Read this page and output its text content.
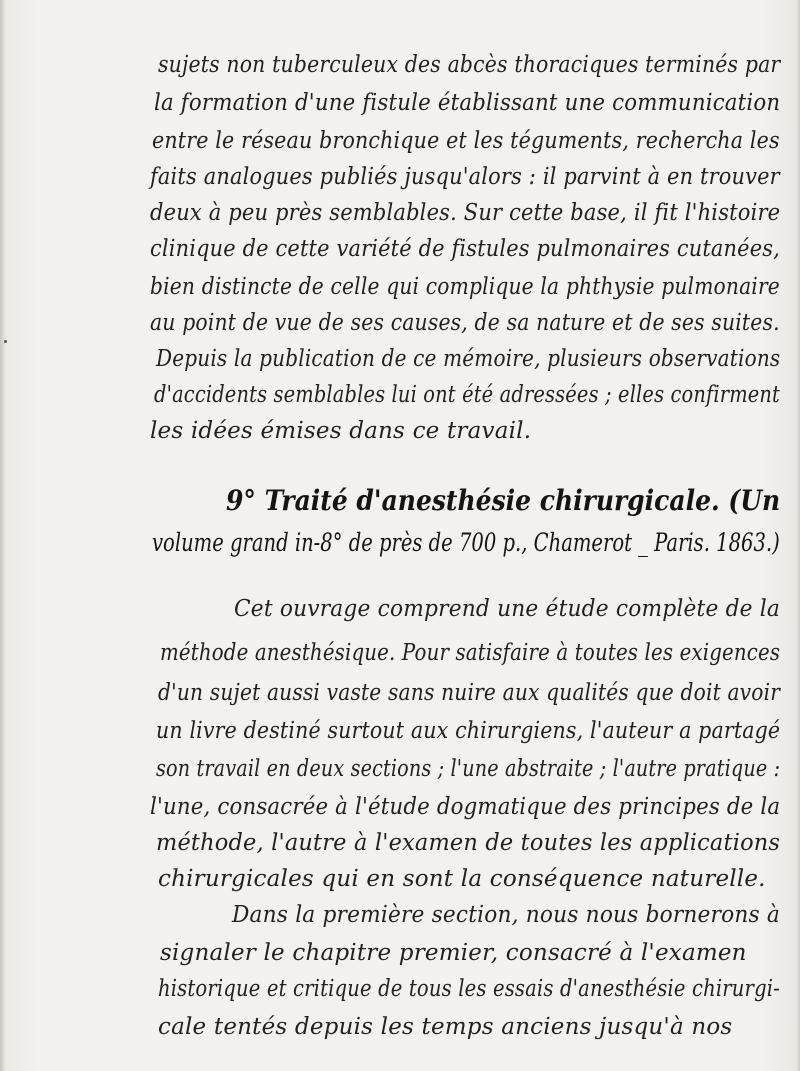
sujets non tuberculeux des abcès thoraciques terminés par
la formation d'une fistule établissant une communication
entre le réseau bronchique et les téguments, rechercha les
faits analogues publiés jusqu'alors : il parvint à en trouver
deux à peu près semblables. Sur cette base, il fit l'histoire
clinique de cette variété de fistules pulmonaires cutanées,
bien distincte de celle qui complique la phthysie pulmonaire
au point de vue de ses causes, de sa nature et de ses suites.
Depuis la publication de ce mémoire, plusieurs observations
d'accidents semblables lui ont été adressées ; elles confirment
les idées émises dans ce travail.
9° Traité d'anesthésie chirurgicale. (Un
volume grand in-8° de près de 700 p., Chamerot _ Paris. 1863.)
Cet ouvrage comprend une étude complète de la
méthode anesthésique. Pour satisfaire à toutes les exigences
d'un sujet aussi vaste sans nuire aux qualités que doit avoir
un livre destiné surtout aux chirurgiens, l'auteur a partagé
son travail en deux sections ; l'une abstraite ; l'autre pratique :
l'une, consacrée à l'étude dogmatique des principes de la
méthode, l'autre à l'examen de toutes les applications
chirurgicales qui en sont la conséquence naturelle.
Dans la première section, nous nous bornerons à
signaler le chapitre premier, consacré à l'examen
historique et critique de tous les essais d'anesthésie chirurgi-
cale tentés depuis les temps anciens jusqu'à nos
